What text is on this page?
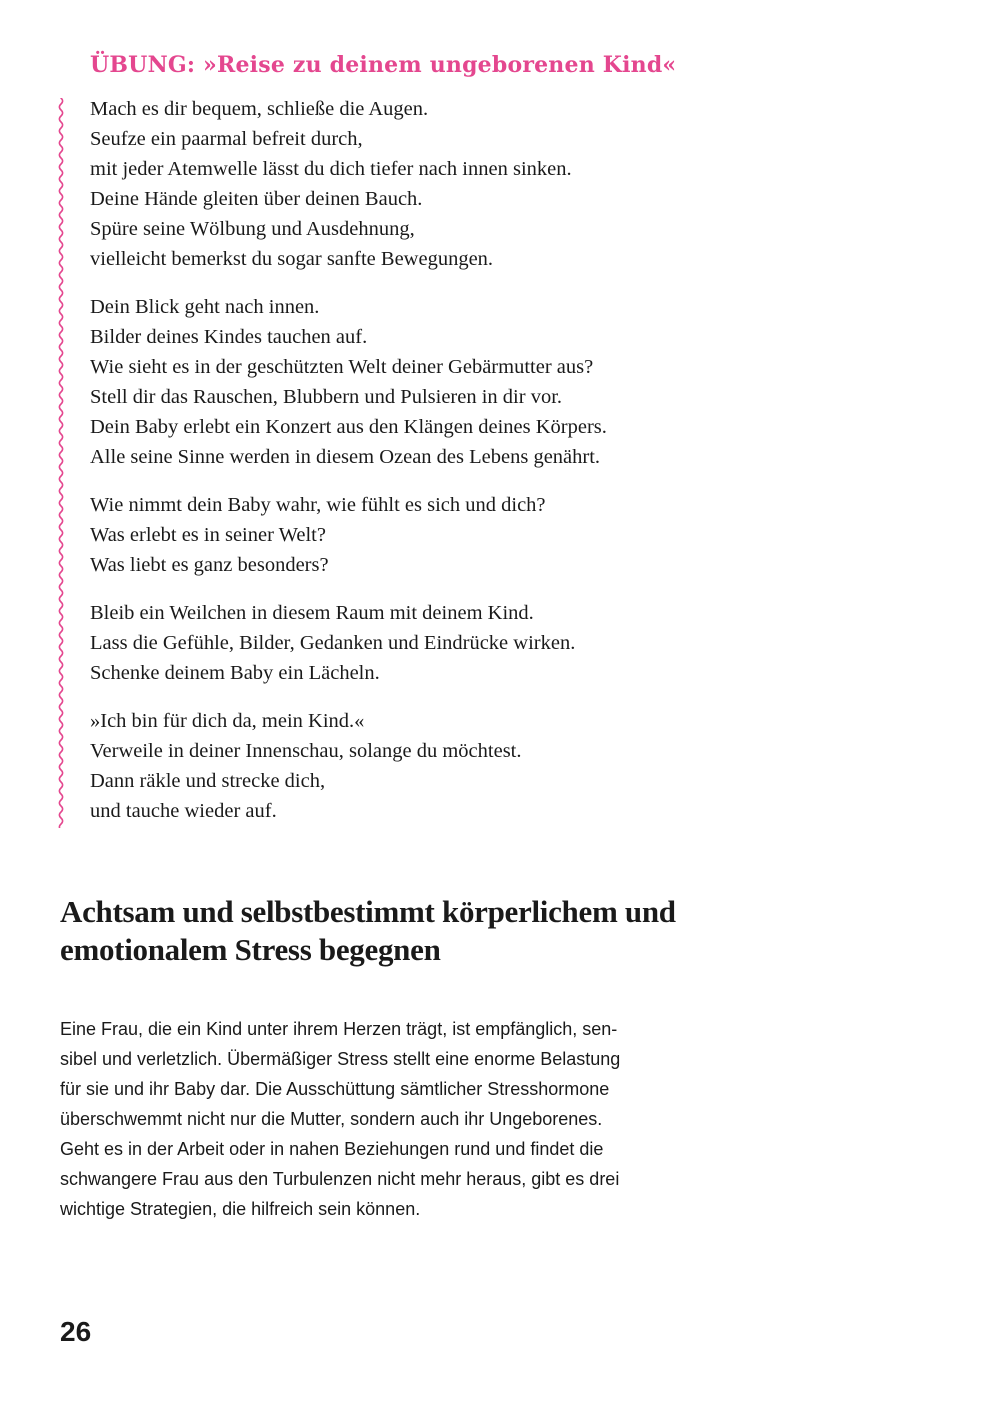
ÜBUNG: »Reise zu deinem ungeborenen Kind«

Mach es dir bequem, schließe die Augen.
Seufze ein paarmal befreit durch,
mit jeder Atemwelle lässt du dich tiefer nach innen sinken.
Deine Hände gleiten über deinen Bauch.
Spüre seine Wölbung und Ausdehnung,
vielleicht bemerkst du sogar sanfte Bewegungen.

Dein Blick geht nach innen.
Bilder deines Kindes tauchen auf.
Wie sieht es in der geschützten Welt deiner Gebärmutter aus?
Stell dir das Rauschen, Blubbern und Pulsieren in dir vor.
Dein Baby erlebt ein Konzert aus den Klängen deines Körpers.
Alle seine Sinne werden in diesem Ozean des Lebens genährt.

Wie nimmt dein Baby wahr, wie fühlt es sich und dich?
Was erlebt es in seiner Welt?
Was liebt es ganz besonders?

Bleib ein Weilchen in diesem Raum mit deinem Kind.
Lass die Gefühle, Bilder, Gedanken und Eindrücke wirken.
Schenke deinem Baby ein Lächeln.

»Ich bin für dich da, mein Kind.«
Verweile in deiner Innenschau, solange du möchtest.
Dann räkle und strecke dich,
und tauche wieder auf.

Achtsam und selbstbestimmt körperlichem und
emotionalem Stress begegnen

Eine Frau, die ein Kind unter ihrem Herzen trägt, ist empfänglich, sen-
sibel und verletzlich. Übermäßiger Stress stellt eine enorme Belastung
für sie und ihr Baby dar. Die Ausschüttung sämtlicher Stresshormone
überschwemmt nicht nur die Mutter, sondern auch ihr Ungeborenes.
Geht es in der Arbeit oder in nahen Beziehungen rund und findet die
schwangere Frau aus den Turbulenzen nicht mehr heraus, gibt es drei
wichtige Strategien, die hilfreich sein können.

26
